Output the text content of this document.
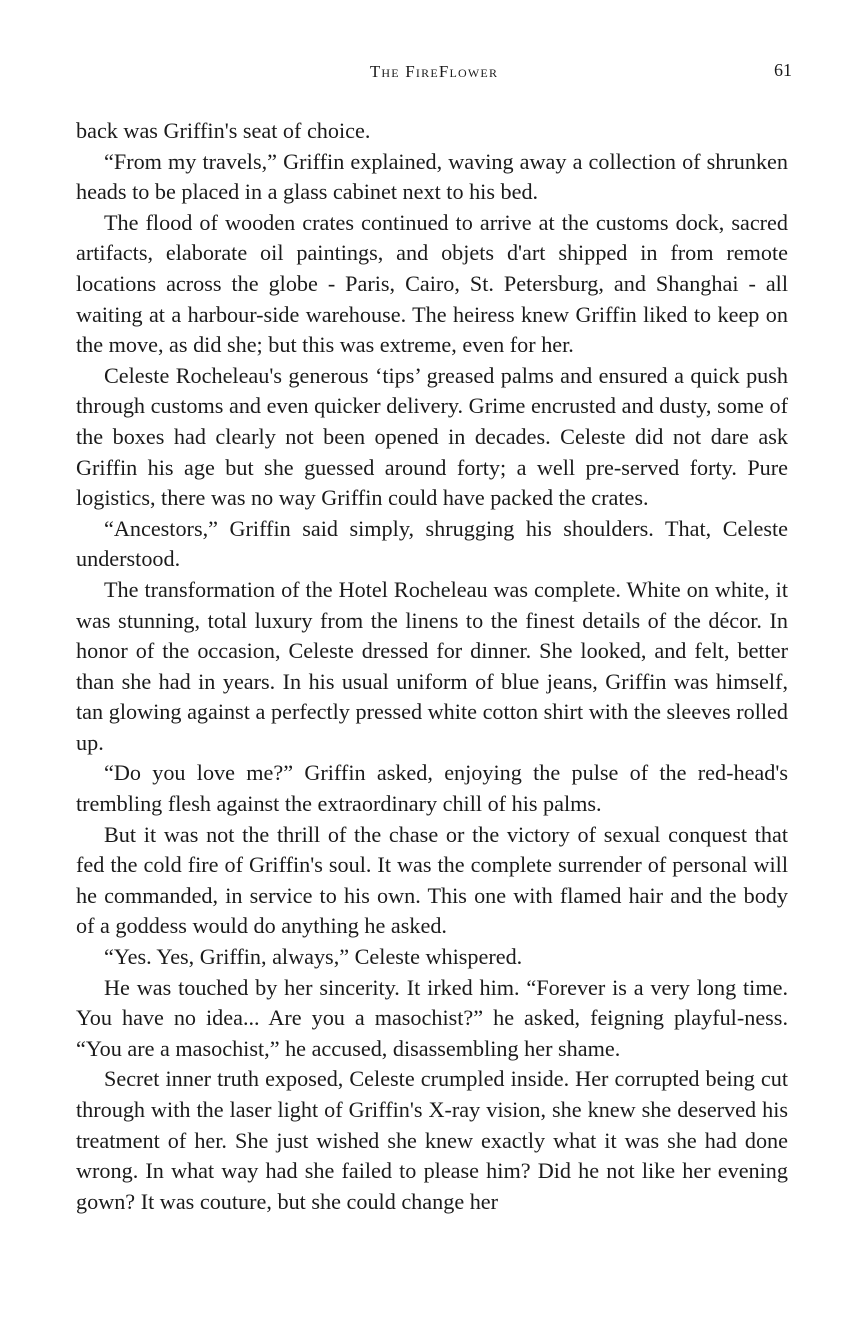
The FireFlower	61

back was Griffin's seat of choice.

“From my travels,” Griffin explained, waving away a collection of shrunken heads to be placed in a glass cabinet next to his bed.

The flood of wooden crates continued to arrive at the customs dock, sacred artifacts, elaborate oil paintings, and objets d'art shipped in from remote locations across the globe - Paris, Cairo, St. Petersburg, and Shanghai - all waiting at a harbour-side warehouse. The heiress knew Griffin liked to keep on the move, as did she; but this was extreme, even for her.

Celeste Rocheleau's generous ‘tips’ greased palms and ensured a quick push through customs and even quicker delivery. Grime encrusted and dusty, some of the boxes had clearly not been opened in decades. Celeste did not dare ask Griffin his age but she guessed around forty; a well pre-served forty. Pure logistics, there was no way Griffin could have packed the crates.

“Ancestors,” Griffin said simply, shrugging his shoulders. That, Celeste understood.

The transformation of the Hotel Rocheleau was complete. White on white, it was stunning, total luxury from the linens to the finest details of the décor. In honor of the occasion, Celeste dressed for dinner. She looked, and felt, better than she had in years. In his usual uniform of blue jeans, Griffin was himself, tan glowing against a perfectly pressed white cotton shirt with the sleeves rolled up.

“Do you love me?” Griffin asked, enjoying the pulse of the red-head's trembling flesh against the extraordinary chill of his palms.

But it was not the thrill of the chase or the victory of sexual conquest that fed the cold fire of Griffin's soul. It was the complete surrender of personal will he commanded, in service to his own. This one with flamed hair and the body of a goddess would do anything he asked.

“Yes. Yes, Griffin, always,” Celeste whispered.

He was touched by her sincerity. It irked him. “Forever is a very long time. You have no idea... Are you a masochist?” he asked, feigning playful-ness. “You are a masochist,” he accused, disassembling her shame.

Secret inner truth exposed, Celeste crumpled inside. Her corrupted being cut through with the laser light of Griffin's X-ray vision, she knew she deserved his treatment of her. She just wished she knew exactly what it was she had done wrong. In what way had she failed to please him? Did he not like her evening gown? It was couture, but she could change her
